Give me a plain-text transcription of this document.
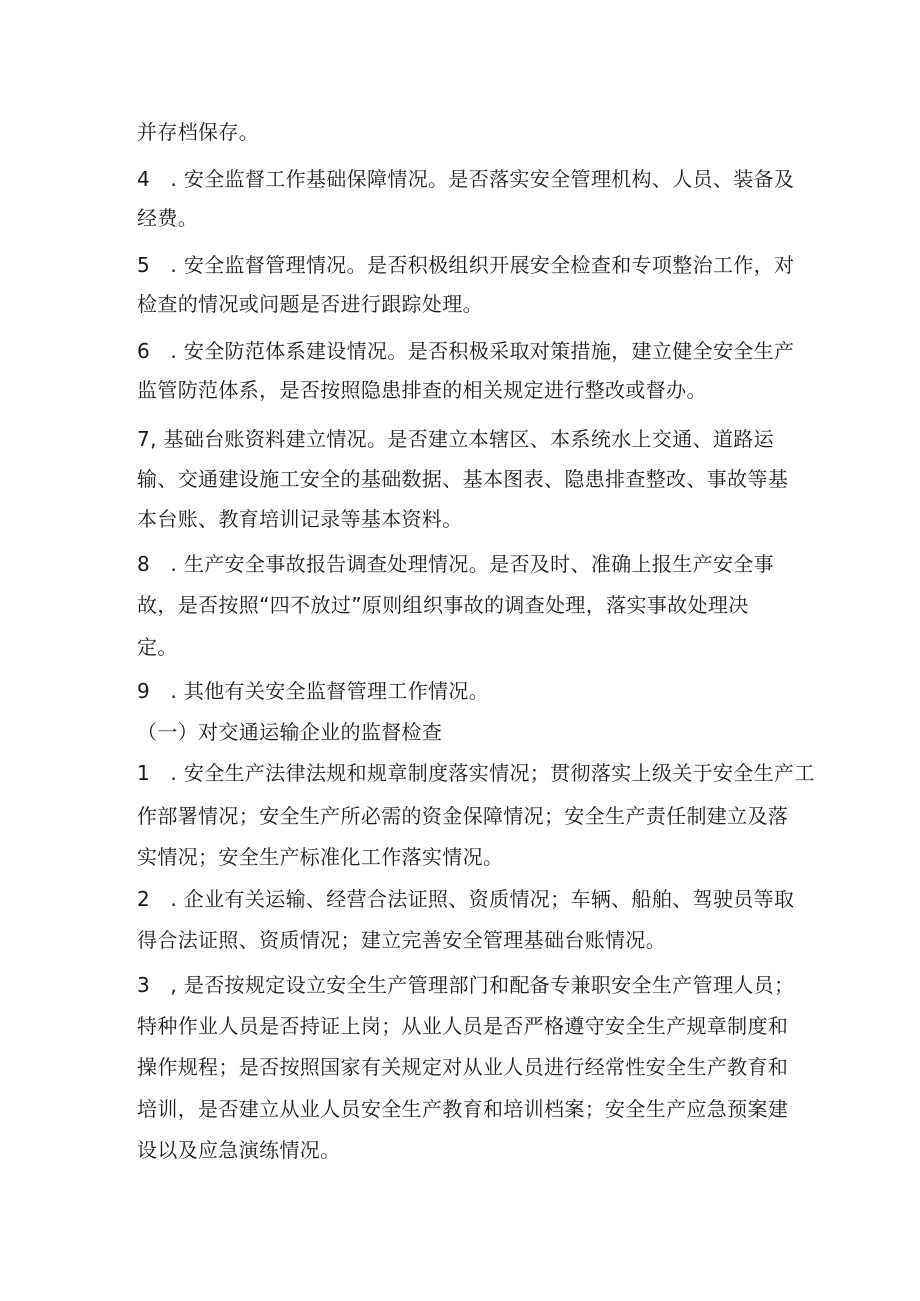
并存档保存。
4　. 安全监督工作基础保障情况。是否落实安全管理机构、人员、装备及
经费。
5　. 安全监督管理情况。是否积极组织开展安全检查和专项整治工作，对
检查的情况或问题是否进行跟踪处理。
6　. 安全防范体系建设情况。是否积极采取对策措施，建立健全安全生产
监管防范体系，是否按照隐患排查的相关规定进行整改或督办。
7, 基础台账资料建立情况。是否建立本辖区、本系统水上交通、道路运
输、交通建设施工安全的基础数据、基本图表、隐患排查整改、事故等基
本台账、教育培训记录等基本资料。
8　. 生产安全事故报告调查处理情况。是否及时、准确上报生产安全事
故，是否按照“四不放过”原则组织事故的调查处理，落实事故处理决
定。
9　. 其他有关安全监督管理工作情况。
（一）对交通运输企业的监督检查
1　. 安全生产法律法规和规章制度落实情况；贯彻落实上级关于安全生产工
作部署情况；安全生产所必需的资金保障情况；安全生产责任制建立及落
实情况；安全生产标准化工作落实情况。
2　. 企业有关运输、经营合法证照、资质情况；车辆、船舶、驾驶员等取
得合法证照、资质情况；建立完善安全管理基础台账情况。
3　, 是否按规定设立安全生产管理部门和配备专兼职安全生产管理人员；
特种作业人员是否持证上岗；从业人员是否严格遵守安全生产规章制度和
操作规程；是否按照国家有关规定对从业人员进行经常性安全生产教育和
培训，是否建立从业人员安全生产教育和培训档案；安全生产应急预案建
设以及应急演练情况。
